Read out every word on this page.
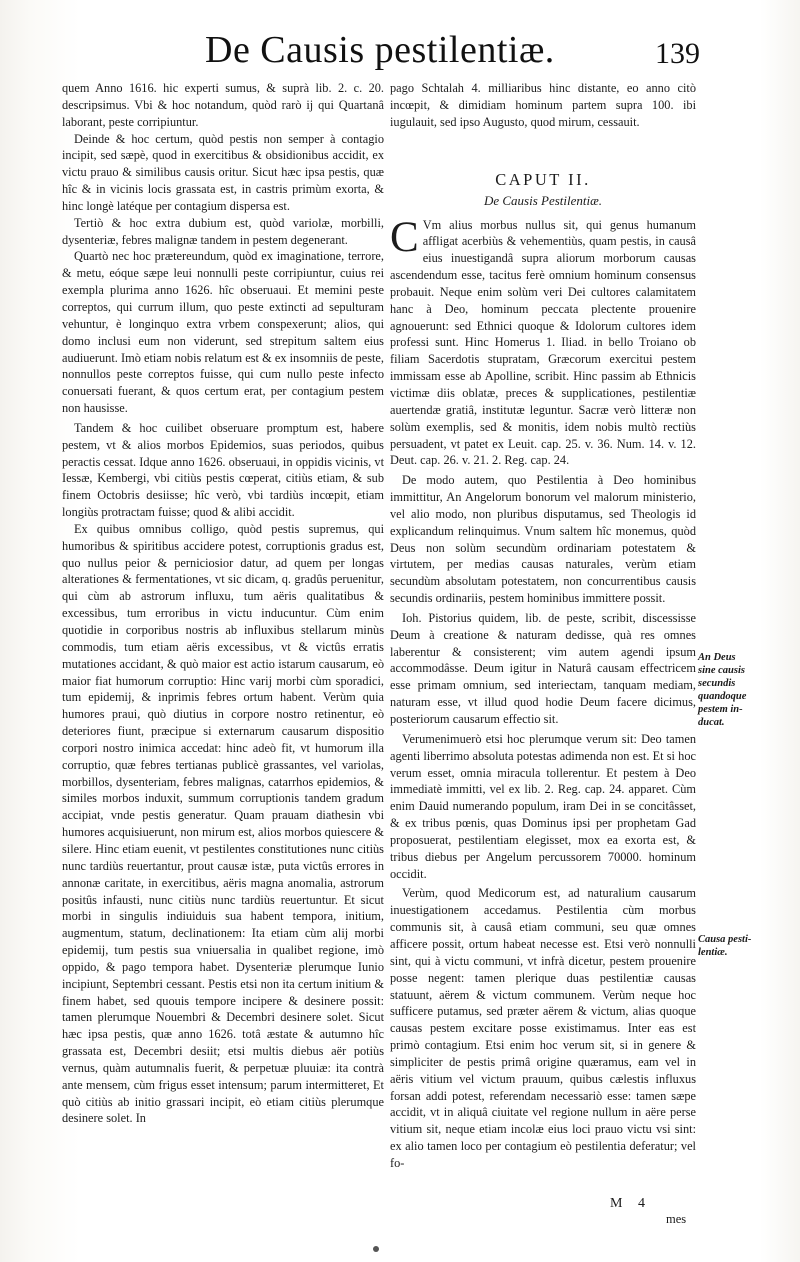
De Causis pestilentiæ.	139

quem Anno 1616. hic experti sumus, & suprà lib. 2. c. 20. descripsimus. Vbi & hoc notandum, quòd rarò ij qui Quartanâ laborant, peste corripiuntur.

Deinde & hoc certum, quòd pestis non semper à contagio incipit, sed sæpè, quod in exercitibus & obsidionibus accidit, ex victu prauo & similibus causis oritur. Sicut hæc ipsa pestis, quæ hîc & in vicinis locis grassata est, in castris primùm exorta, & hinc longè latéque per contagium dispersa est.

Tertiò & hoc extra dubium est, quòd variolæ, morbilli, dysenteriæ, febres malignæ tandem in pestem degenerant.

Quartò nec hoc prætereundum, quòd ex imaginatione, terrore, & metu, eóque sæpe leui nonnulli peste corripiuntur, cuius rei exempla plurima anno 1626. hîc obseruaui. Et memini peste correptos, qui currum illum, quo peste extincti ad sepulturam vehuntur, è longinquo extra vrbem conspexerunt; alios, qui domo inclusi eum non viderunt, sed strepitum saltem eius audiuerunt. Imò etiam nobis relatum est & ex insomniis de peste, nonnullos peste correptos fuisse, qui cum nullo peste infecto conuersati fuerant, & quos certum erat, per contagium pestem non hausisse.

Tandem & hoc cuilibet obseruare promptum est, habere pestem, vt & alios morbos Epidemios, suas periodos, quibus peractis cessat. Idque anno 1626. obseruaui, in oppidis vicinis, vt Iessæ, Kembergi, vbi citiùs pestis cœperat, citiùs etiam, & sub finem Octobris desiisse; hîc verò, vbi tardiùs incœpit, etiam longiùs protractam fuisse; quod & alibi accidit.

Ex quibus omnibus colligo, quòd pestis supremus, qui humoribus & spiritibus accidere potest, corruptionis gradus est, quo nullus peior & perniciosior datur, ad quem per longas alterationes & fermentationes, vt sic dicam, q. gradûs peruenitur, qui cùm ab astrorum influxu, tum aëris qualitatibus & excessibus, tum erroribus in victu inducuntur. Cùm enim quotidie in corporibus nostris ab influxibus stellarum minùs commodis, tum etiam aëris excessibus, vt & victûs erratis mutationes accidant, & quò maior est actio istarum causarum, eò maior fiat humorum corruptio: Hinc varij morbi cùm sporadici, tum epidemij, & inprimis febres ortum habent. Verùm quia humores praui, quò diutius in corpore nostro retinentur, eò deteriores fiunt, præcipue si externarum causarum dispositio corpori nostro inimica accedat: hinc adeò fit, vt humorum illa corruptio, quæ febres tertianas publicè grassantes, vel variolas, morbillos, dysenteriam, febres malignas, catarrhos epidemios, & similes morbos induxit, summum corruptionis tandem gradum accipiat, vnde pestis generatur. Quam prauam diathesin vbi humores acquisiuerunt, non mirum est, alios morbos quiescere & silere. Hinc etiam euenit, vt pestilentes constitutiones nunc citiùs nunc tardiùs reuertantur, prout causæ istæ, puta victûs errores in annonæ caritate, in exercitibus, aëris magna anomalia, astrorum positûs infausti, nunc citiùs nunc tardiùs reuertuntur. Et sicut morbi in singulis indiuiduis sua habent tempora, initium, augmentum, statum, declinationem: Ita etiam cùm alij morbi epidemij, tum pestis sua vniuersalia in qualibet regione, imò oppido, & pago tempora habet. Dysenteriæ plerumque Iunio incipiunt, Septembri cessant. Pestis etsi non ita certum initium & finem habet, sed quouis tempore incipere & desinere possit: tamen plerumque Nouembri & Decembri desinere solet. Sicut hæc ipsa pestis, quæ anno 1626. totâ æstate & autumno hîc grassata est, Decembri desiit; etsi multis diebus aër potiùs vernus, quàm autumnalis fuerit, & perpetuæ pluuiæ: ita contrà ante mensem, cùm frigus esset intensum; parum intermitteret, Et quò citiùs ab initio grassari incipit, eò etiam citiùs plerumque desinere solet. In

pago Schtalah 4. milliaribus hinc distante, eo anno citò incœpit, & dimidiam hominum partem supra 100. ibi iugulauit, sed ipso Augusto, quod mirum, cessauit.

CAPUT II.
De Causis Pestilentiæ.

C Vm alius morbus nullus sit, qui genus humanum affligat acerbiùs & vehementiùs, quam pestis, in causâ eius inuestigandâ supra aliorum morborum causas ascendendum esse, tacitus ferè omnium hominum consensus probauit. Neque enim solùm veri Dei cultores calamitatem hanc à Deo, hominum peccata plectente prouenire agnouerunt: sed Ethnici quoque & Idolorum cultores idem professi sunt. Hinc Homerus 1. Iliad. in bello Troiano ob filiam Sacerdotis stupratam, Græcorum exercitui pestem immissam esse ab Apolline, scribit. Hinc passim ab Ethnicis victimæ diis oblatæ, preces & supplicationes, pestilentiæ auertendæ gratiâ, institutæ leguntur. Sacræ verò litteræ non solùm exemplis, sed & monitis, idem nobis multò rectiùs persuadent, vt patet ex Leuit. cap. 25. v. 36. Num. 14. v. 12. Deut. cap. 26. v. 21. 2. Reg. cap. 24.

De modo autem, quo Pestilentia à Deo hominibus immittitur, An Angelorum bonorum vel malorum ministerio, vel alio modo, non pluribus disputamus, sed Theologis id explicandum relinquimus. Vnum saltem hîc monemus, quòd Deus non solùm secundùm ordinariam potestatem & virtutem, per medias causas naturales, verùm etiam secundùm absolutam potestatem, non concurrentibus causis secundis ordinariis, pestem hominibus immittere possit.

Ioh. Pistorius quidem, lib. de peste, scribit, discessisse Deum à creatione & naturam dedisse, quà res omnes laberentur & consisterent; vim autem agendi ipsum accommodâsse. Deum igitur in Naturâ causam effectricem esse primam omnium, sed interiectam, tanquam mediam, naturam esse, vt illud quod hodie Deum facere dicimus, posteriorum causarum effectio sit.

Verumenimuerò etsi hoc plerumque verum sit: Deo tamen agenti liberrimo absoluta potestas adimenda non est. Et si hoc verum esset, omnia miracula tollerentur. Et pestem à Deo immediatè immitti, vel ex lib. 2. Reg. cap. 24. apparet. Cùm enim Dauid numerando populum, iram Dei in se concitâsset, & ex tribus pœnis, quas Dominus ipsi per prophetam Gad proposuerat, pestilentiam elegisset, mox ea exorta est, & tribus diebus per Angelum percussorem 70000. hominum occidit.

Verùm, quod Medicorum est, ad naturalium causarum inuestigationem accedamus. Pestilentia cùm morbus communis sit, à causâ etiam communi, seu quæ omnes afficere possit, ortum habeat necesse est. Etsi verò nonnulli sint, qui à victu communi, vt infrà dicetur, pestem prouenire posse negent: tamen plerique duas pestilentiæ causas statuunt, aërem & victum communem. Verùm neque hoc sufficere putamus, sed præter aërem & victum, alias quoque causas pestem excitare posse existimamus. Inter eas est primò contagium. Etsi enim hoc verum sit, si in genere & simpliciter de pestis primâ origine quæramus, eam vel in aëris vitium vel victum prauum, quibus cælestis influxus forsan addi potest, referendam necessariò esse: tamen sæpe accidit, vt in aliquâ ciuitate vel regione nullum in aëre perse vitium sit, neque etiam incolæ eius loci prauo victu vsi sint: ex alio tamen loco per contagium eò pestilentia deferatur; vel fo-

An Deus
sine causis
secundis
quandoque
pestem in-
ducat.
Causa pesti-
lentiæ.
M 4
mes
